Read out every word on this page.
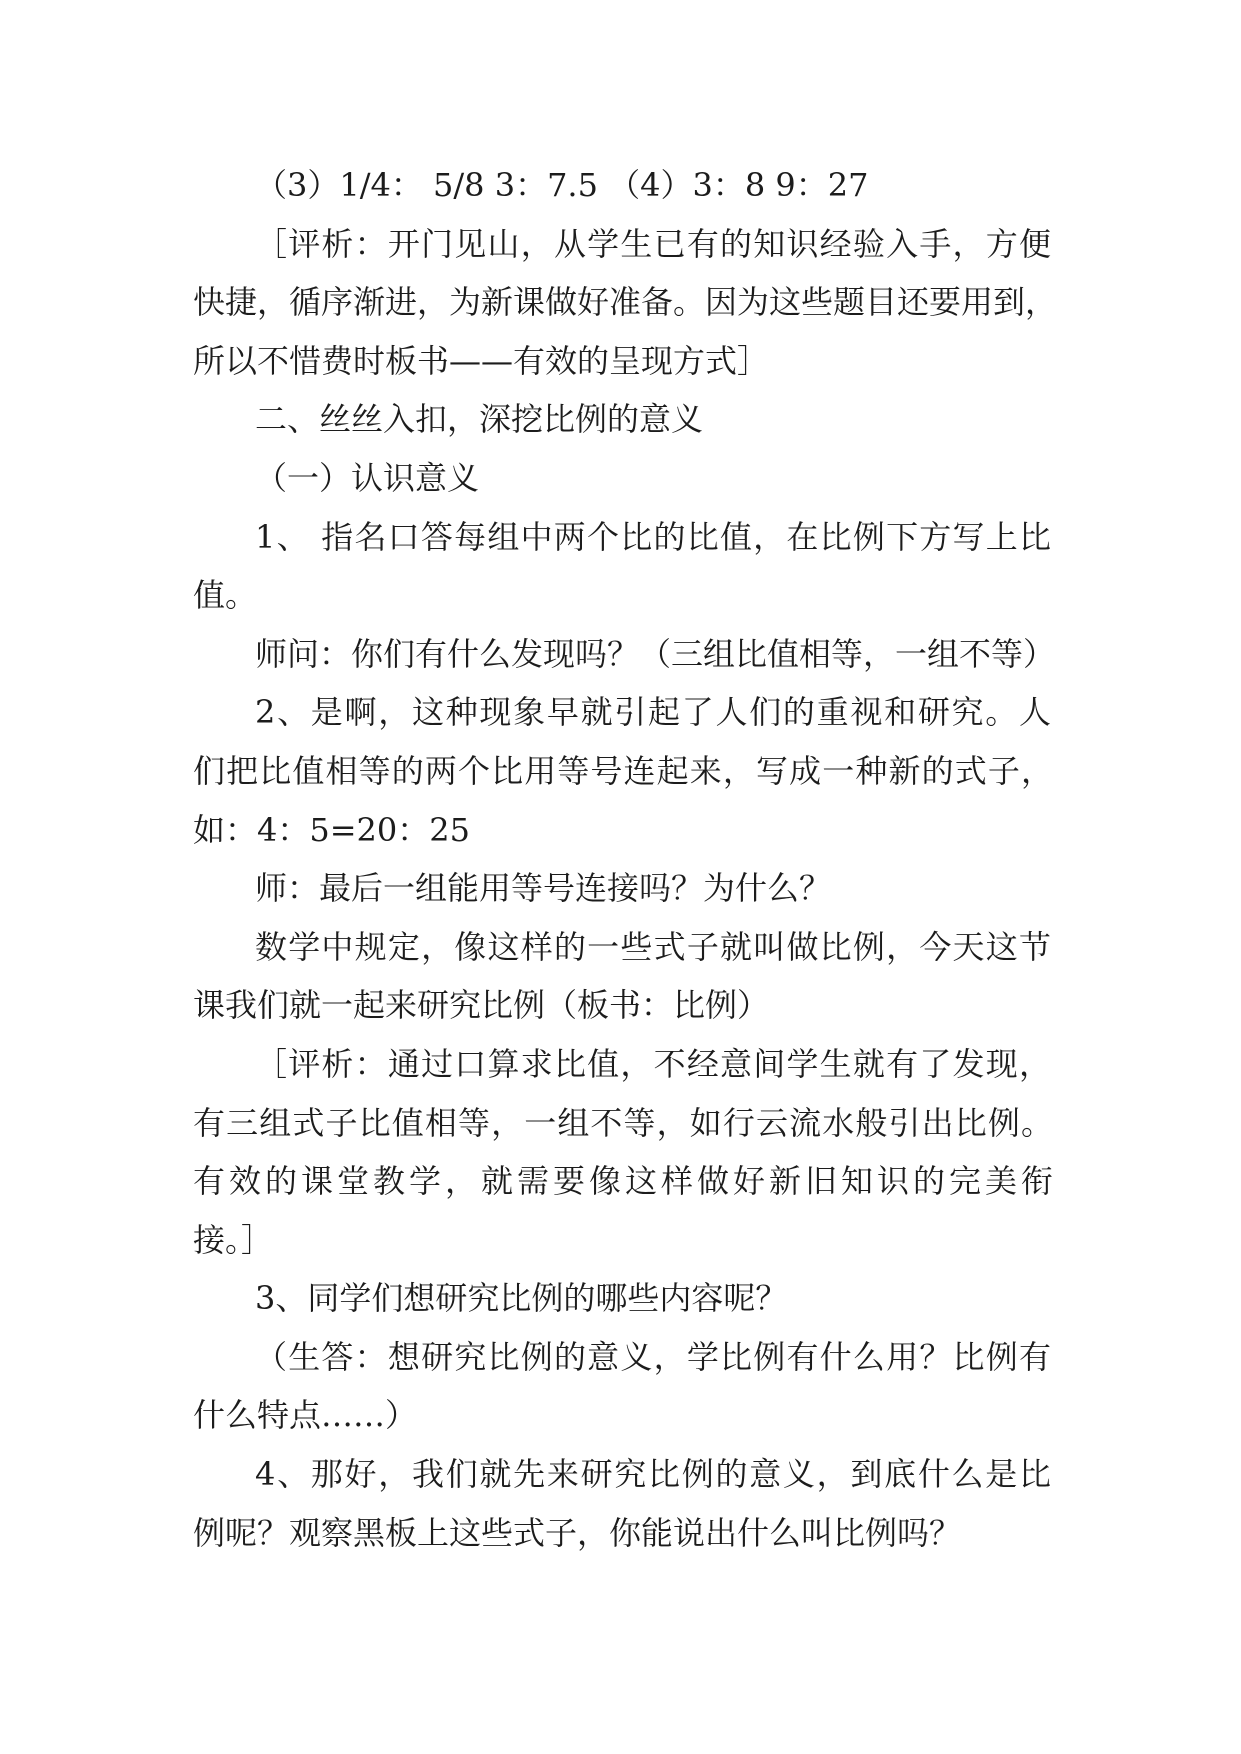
（3）1/4： 5/8 3：7.5 （4）3：8 9：27
［评析：开门见山，从学生已有的知识经验入手，方便
快捷，循序渐进，为新课做好准备。因为这些题目还要用到，
所以不惜费时板书——有效的呈现方式］
二、丝丝入扣，深挖比例的意义
（一）认识意义
1、 指名口答每组中两个比的比值，在比例下方写上比
值。
师问：你们有什么发现吗？（三组比值相等，一组不等）
2、是啊，这种现象早就引起了人们的重视和研究。人
们把比值相等的两个比用等号连起来，写成一种新的式子，
如：4：5=20：25
师：最后一组能用等号连接吗？为什么？
数学中规定，像这样的一些式子就叫做比例，今天这节
课我们就一起来研究比例（板书：比例）
［评析：通过口算求比值，不经意间学生就有了发现，
有三组式子比值相等，一组不等，如行云流水般引出比例。
有效的课堂教学，就需要像这样做好新旧知识的完美衔
接。］
3、同学们想研究比例的哪些内容呢？
（生答：想研究比例的意义，学比例有什么用？比例有
什么特点……）
4、那好，我们就先来研究比例的意义，到底什么是比
例呢？观察黑板上这些式子，你能说出什么叫比例吗？
